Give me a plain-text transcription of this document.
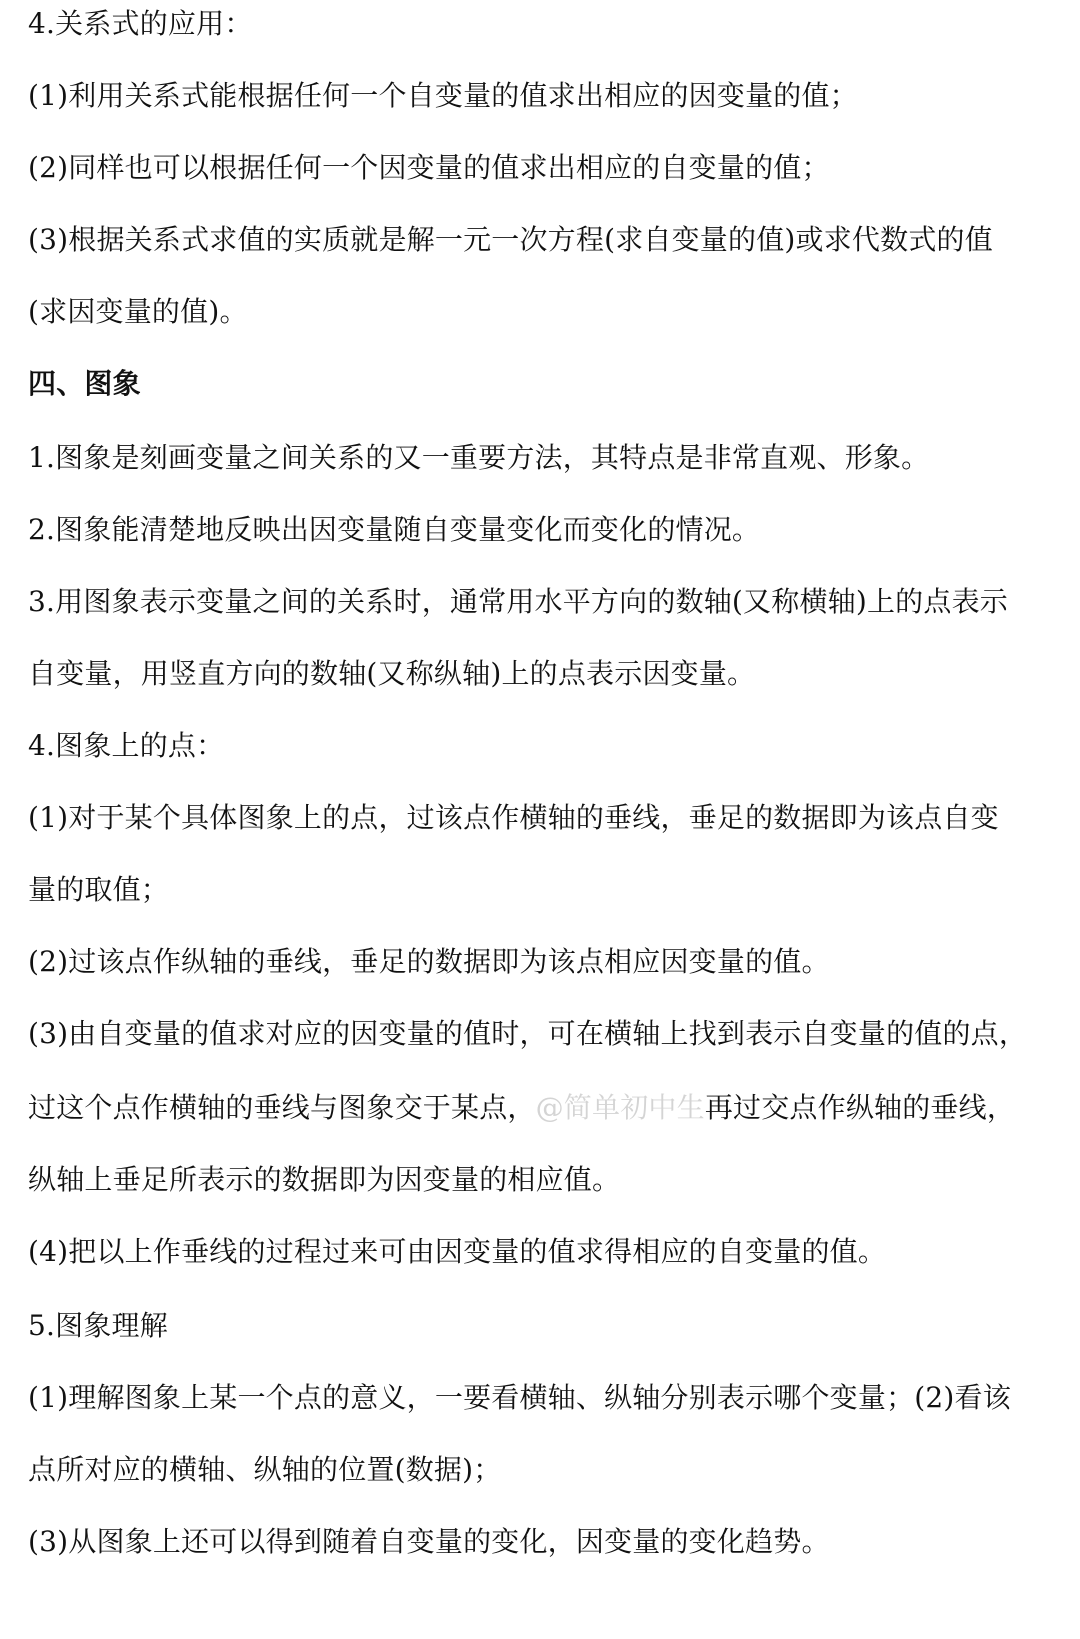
4.关系式的应用：
(1)利用关系式能根据任何一个自变量的值求出相应的因变量的值；
(2)同样也可以根据任何一个因变量的值求出相应的自变量的值；
(3)根据关系式求值的实质就是解一元一次方程(求自变量的值)或求代数式的值
(求因变量的值)。
四、图象
1.图象是刻画变量之间关系的又一重要方法，其特点是非常直观、形象。
2.图象能清楚地反映出因变量随自变量变化而变化的情况。
3.用图象表示变量之间的关系时，通常用水平方向的数轴(又称横轴)上的点表示
自变量，用竖直方向的数轴(又称纵轴)上的点表示因变量。
4.图象上的点：
(1)对于某个具体图象上的点，过该点作横轴的垂线，垂足的数据即为该点自变
量的取值；
(2)过该点作纵轴的垂线，垂足的数据即为该点相应因变量的值。
(3)由自变量的值求对应的因变量的值时，可在横轴上找到表示自变量的值的点，
过这个点作横轴的垂线与图象交于某点，@简单初中生再过交点作纵轴的垂线，
纵轴上垂足所表示的数据即为因变量的相应值。
(4)把以上作垂线的过程过来可由因变量的值求得相应的自变量的值。
5.图象理解
(1)理解图象上某一个点的意义，一要看横轴、纵轴分别表示哪个变量；(2)看该
点所对应的横轴、纵轴的位置(数据)；
(3)从图象上还可以得到随着自变量的变化，因变量的变化趋势。
